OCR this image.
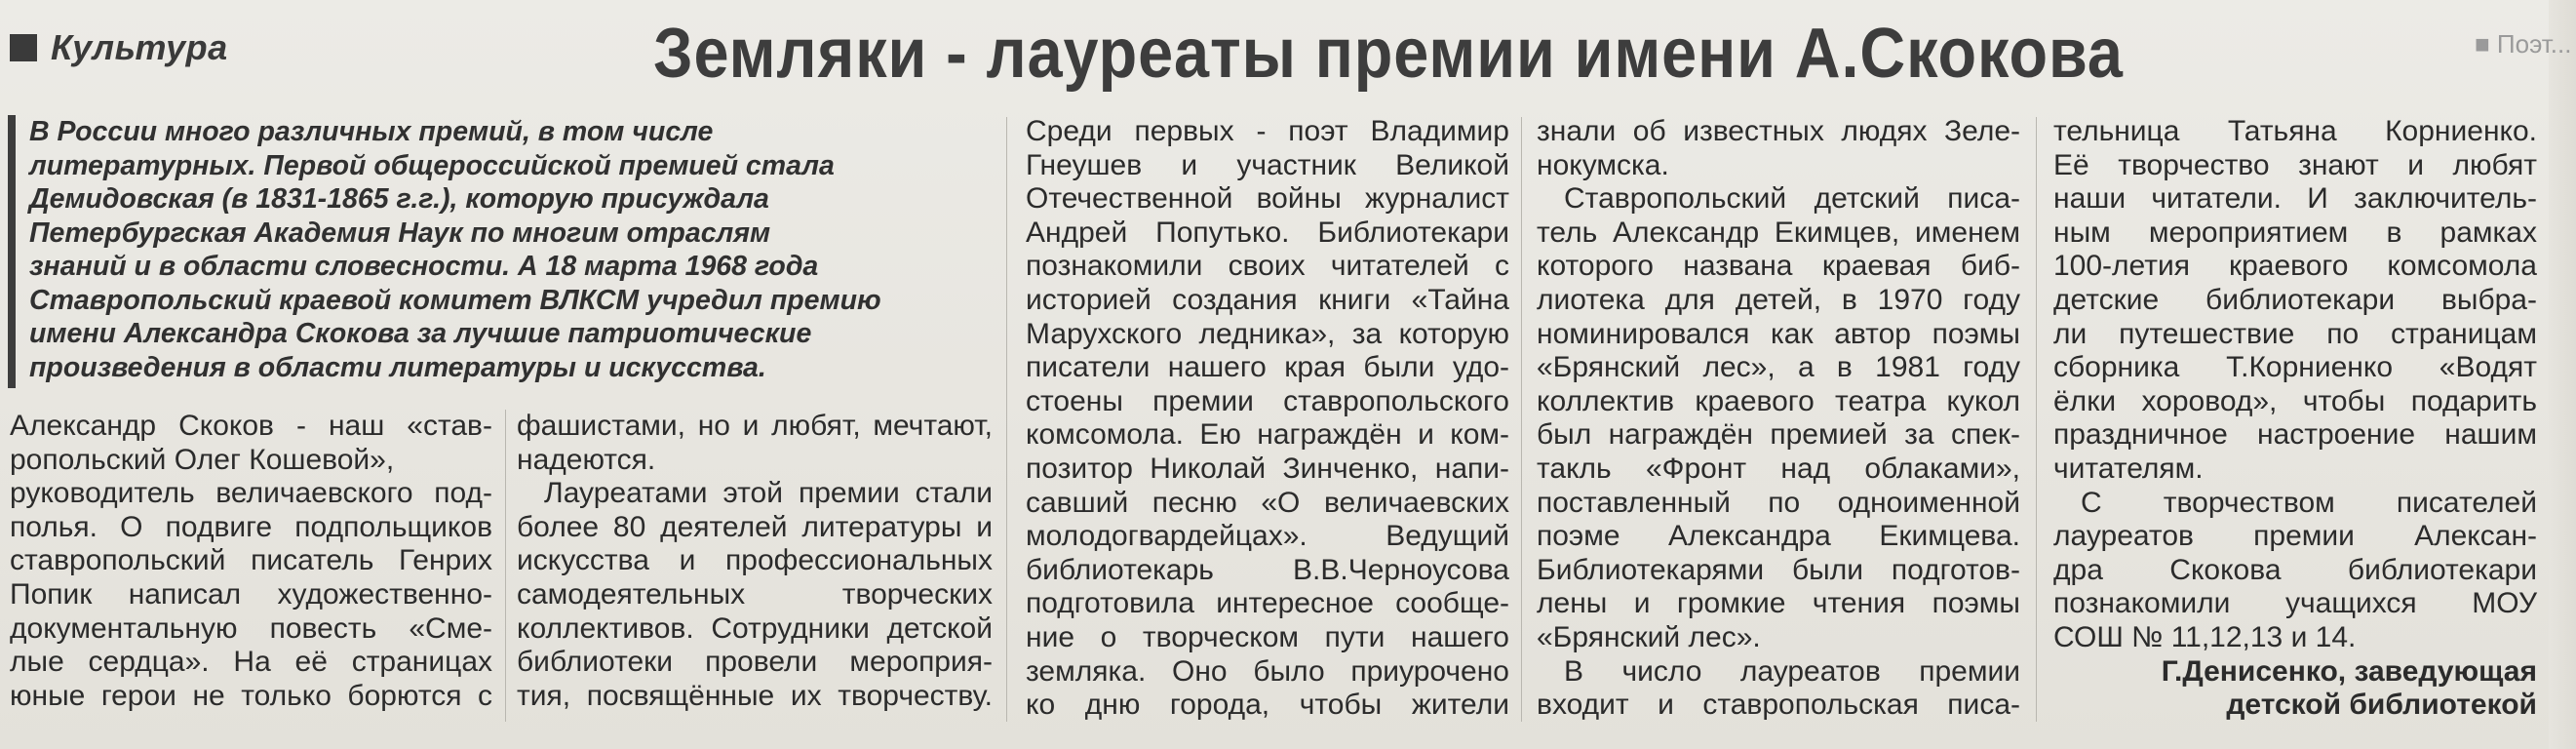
Культура	Земляки - лауреаты премии имени А.Скокова	■ Поэт...
В России много различных премий, в том числе
литературных. Первой общероссийской премией стала
Демидовская (в 1831-1865 г.г.), которую присуждала
Петербургская Академия Наук по многим отраслям
знаний и в области словесности. А 18 марта 1968 года
Ставропольский краевой комитет ВЛКСМ учредил премию
имени Александра Скокова за лучшие патриотические
произведения в области литературы и искусства.
Александр Скоков - наш «став-
ропольский Олег Кошевой»,
руководитель величаевского под-
полья. О подвиге подпольщиков
ставропольский писатель Генрих
Попик написал художественно-
документальную повесть «Сме-
лые сердца». На её страницах
юные герои не только борются с
фашистами, но и любят, мечтают,
надеются.
Лауреатами этой премии стали
более 80 деятелей литературы и
искусства и профессиональных
самодеятельных творческих
коллективов. Сотрудники детской
библиотеки провели мероприя-
тия, посвящённые их творчеству.
Среди первых - поэт Владимир
Гнеушев и участник Великой
Отечественной войны журналист
Андрей Попутько. Библиотекари
познакомили своих читателей с
историей создания книги «Тайна
Марухского ледника», за которую
писатели нашего края были удо-
стоены премии ставропольского
комсомола. Ею награждён и ком-
позитор Николай Зинченко, напи-
савший песню «О величаевских
молодогвардейцах». Ведущий
библиотекарь В.В.Черноусова
подготовила интересное сообще-
ние о творческом пути нашего
земляка. Оно было приурочено
ко дню города, чтобы жители
знали об известных людях Зеле-
нокумска.
Ставропольский детский писа-
тель Александр Екимцев, именем
которого названа краевая биб-
лиотека для детей, в 1970 году
номинировался как автор поэмы
«Брянский лес», а в 1981 году
коллектив краевого театра кукол
был награждён премией за спек-
такль «Фронт над облаками»,
поставленный по одноименной
поэме Александра Екимцева.
Библиотекарями были подготов-
лены и громкие чтения поэмы
«Брянский лес».
В число лауреатов премии
входит и ставропольская писа-
тельница Татьяна Корниенко.
Её творчество знают и любят
наши читатели. И заключитель-
ным мероприятием в рамках
100-летия краевого комсомола
детские библиотекари выбра-
ли путешествие по страницам
сборника Т.Корниенко «Водят
ёлки хоровод», чтобы подарить
праздничное настроение нашим
читателям.
С творчеством писателей
лауреатов премии Алексан-
дра Скокова библиотекари
познакомили учащихся МОУ
СОШ № 11,12,13 и 14.
Г.Денисенко, заведующая
детской библиотекой
